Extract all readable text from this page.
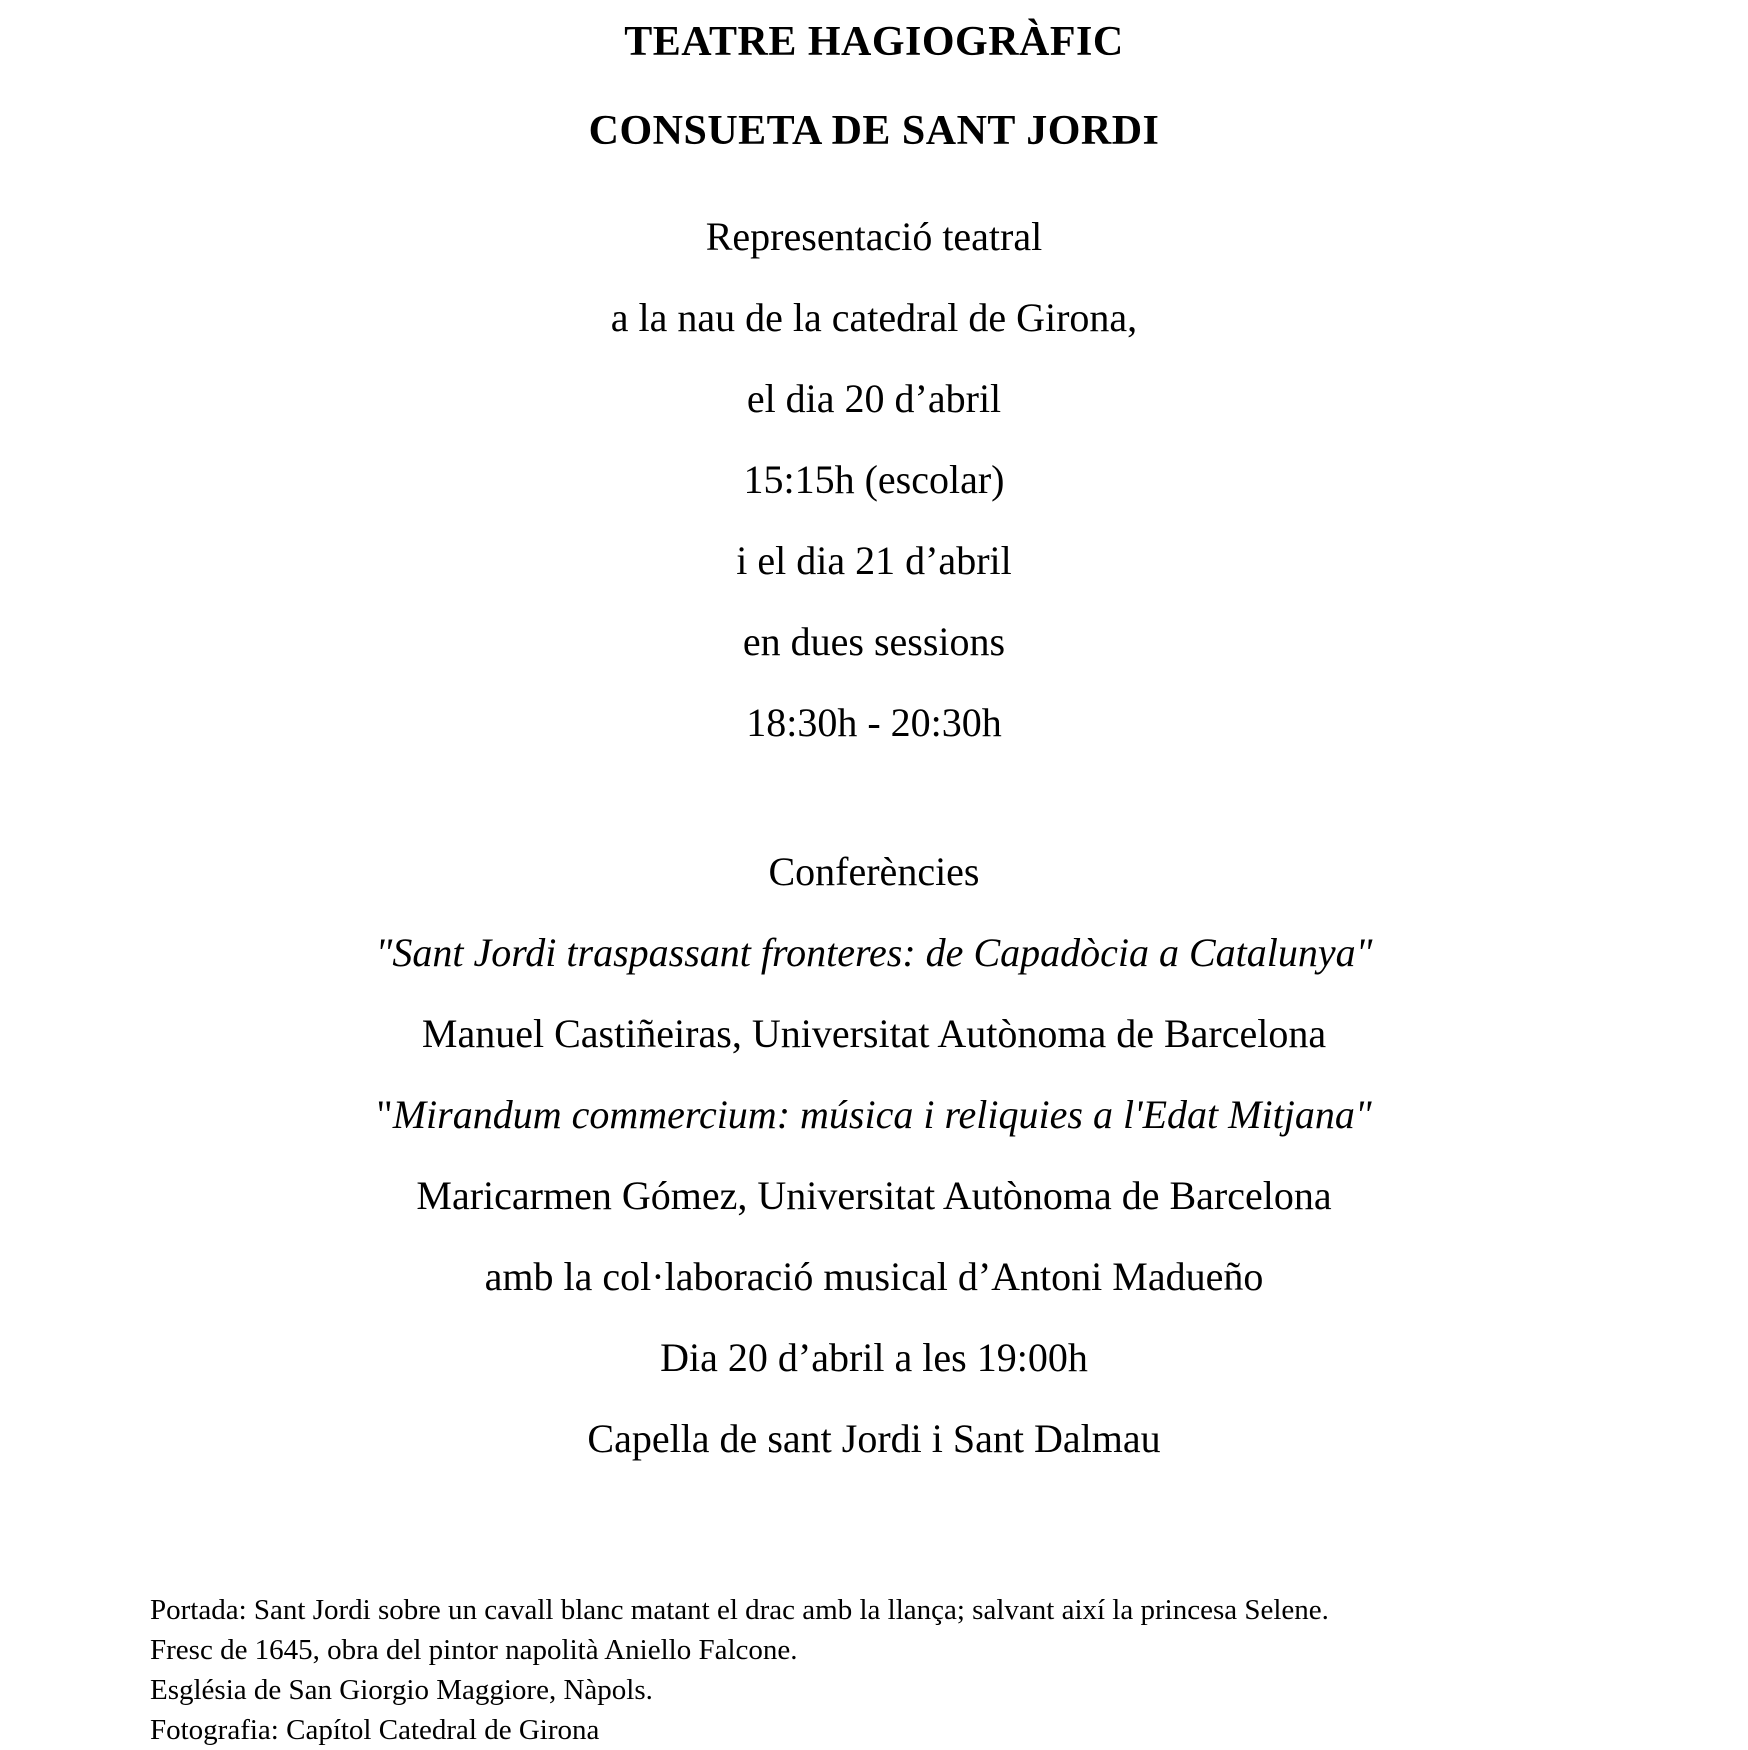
TEATRE HAGIOGRÀFIC
CONSUETA DE SANT JORDI
Representació teatral
a la nau de la catedral de Girona,
el dia 20 d’abril
15:15h (escolar)
i el dia 21 d’abril
en dues sessions
18:30h - 20:30h
Conferències
"Sant Jordi traspassant fronteres: de Capadòcia a Catalunya"
Manuel Castiñeiras, Universitat Autònoma de Barcelona
"Mirandum commercium: música i reliquies a l'Edat Mitjana"
Maricarmen Gómez, Universitat Autònoma de Barcelona
amb la col·laboració musical d’Antoni Madueño
Dia 20 d’abril a les 19:00h
Capella de sant Jordi i Sant Dalmau
Portada: Sant Jordi sobre un cavall blanc matant el drac amb la llança; salvant així la princesa Selene.
Fresc de 1645, obra del pintor napolità Aniello Falcone.
Església de San Giorgio Maggiore, Nàpols.
Fotografia: Capítol Catedral de Girona
